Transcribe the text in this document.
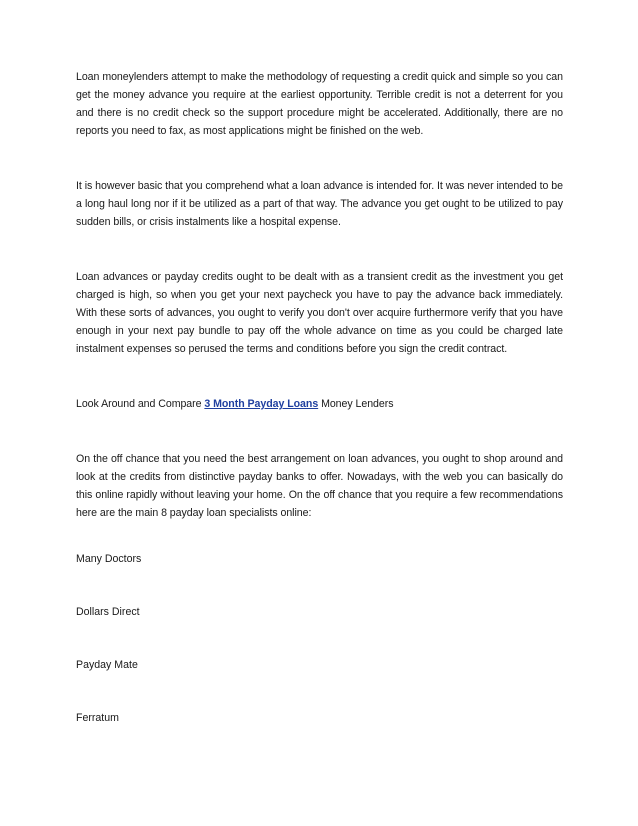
Loan moneylenders attempt to make the methodology of requesting a credit quick and simple so you can get the money advance you require at the earliest opportunity. Terrible credit is not a deterrent for you and there is no credit check so the support procedure might be accelerated. Additionally, there are no reports you need to fax, as most applications might be finished on the web.

It is however basic that you comprehend what a loan advance is intended for. It was never intended to be a long haul long nor if it be utilized as a part of that way. The advance you get ought to be utilized to pay sudden bills, or crisis instalments like a hospital expense.

Loan advances or payday credits ought to be dealt with as a transient credit as the investment you get charged is high, so when you get your next paycheck you have to pay the advance back immediately. With these sorts of advances, you ought to verify you don't over acquire furthermore verify that you have enough in your next pay bundle to pay off the whole advance on time as you could be charged late instalment expenses so perused the terms and conditions before you sign the credit contract.

Look Around and Compare 3 Month Payday Loans Money Lenders

On the off chance that you need the best arrangement on loan advances, you ought to shop around and look at the credits from distinctive payday banks to offer. Nowadays, with the web you can basically do this online rapidly without leaving your home. On the off chance that you require a few recommendations here are the main 8 payday loan specialists online:

Many Doctors

Dollars Direct

Payday Mate

Ferratum
